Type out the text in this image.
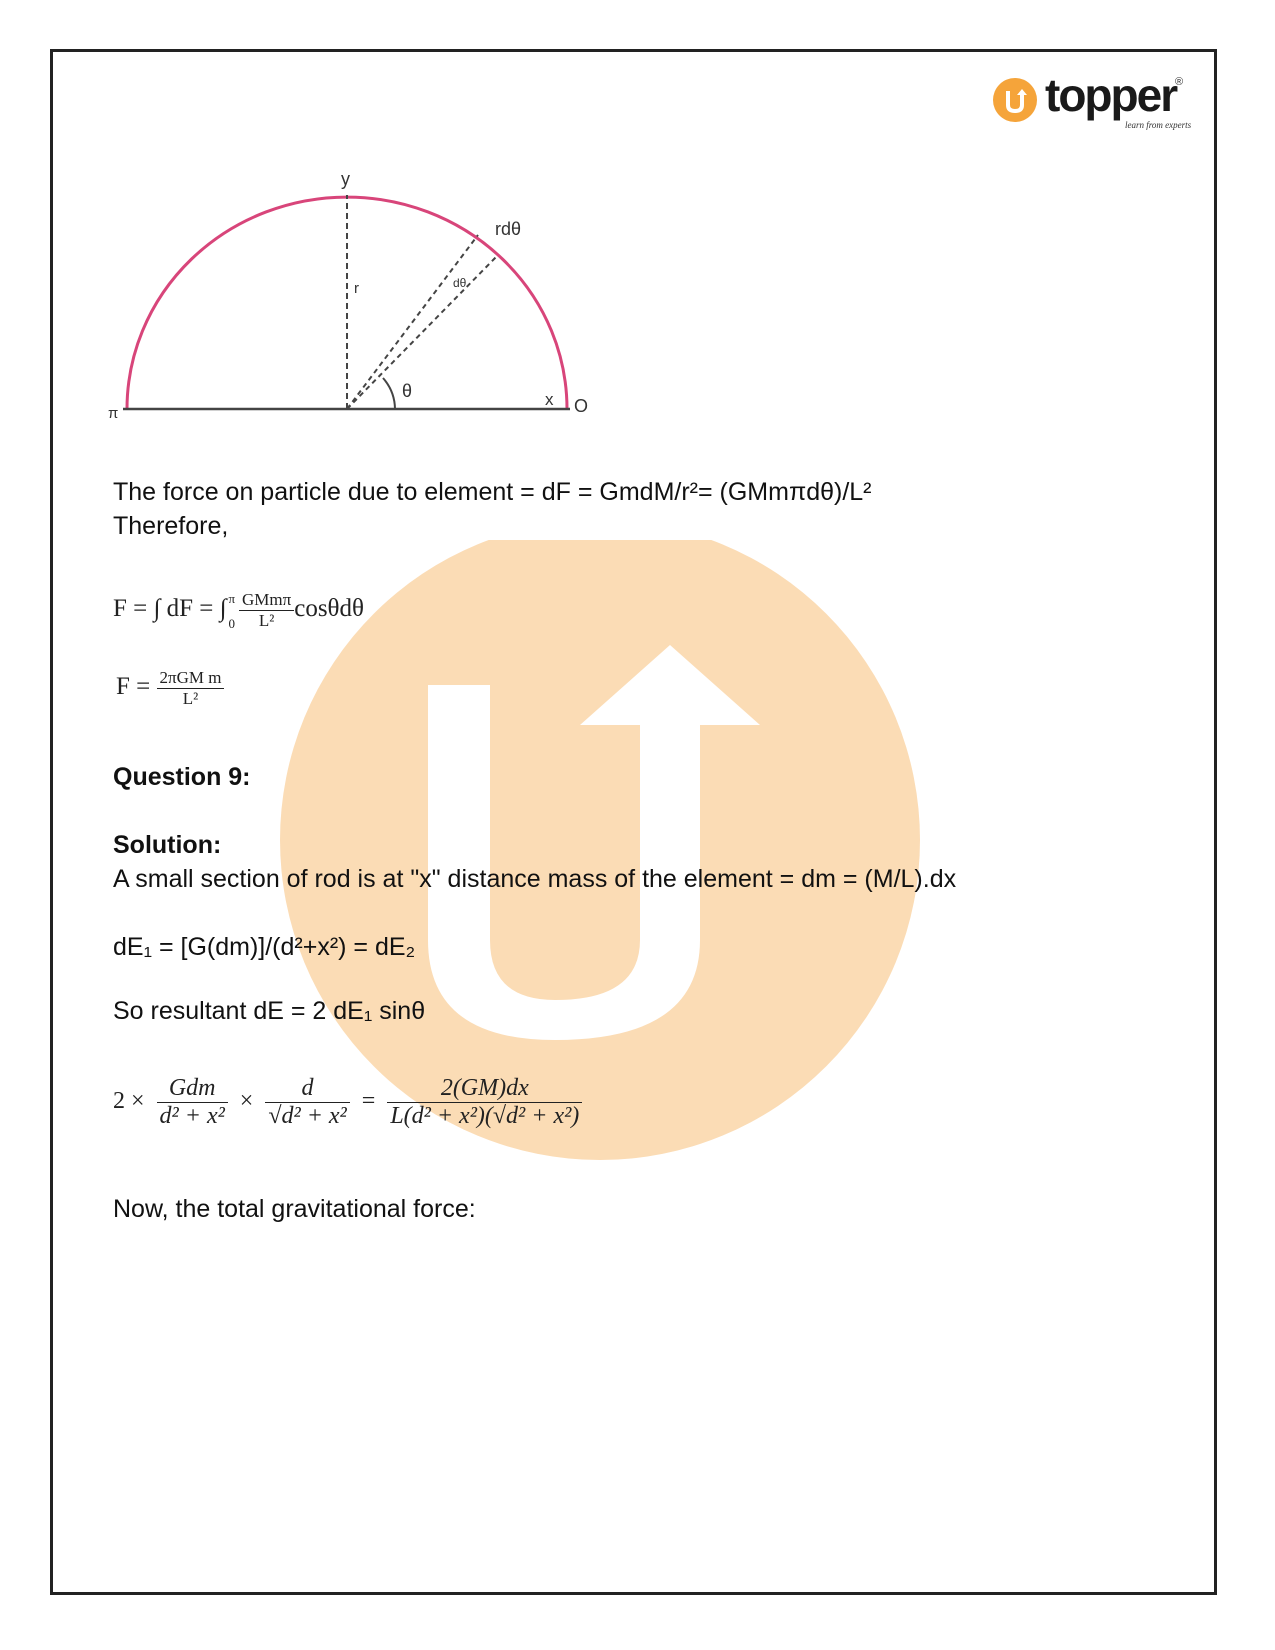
topper
®
learn from experts
y
r
rdθ
dθ
θ	x
π	O
The force on particle due to element = dF = GmdM/r²= (GMmπdθ)/L²
Therefore,
F = ∫ dF = ∫ π
$0 \frac{\text{GMmπ}}{\text{L²}}$ cosθdθ
$F = \frac{\text{2πGM m}}{\text{L²}}$
Question 9:
Solution:
A small section of rod is at "x" distance mass of the element = dm = (M/L).dx
dE₁ = [G(dm)]/(d²+x²) = dE₂
So resultant dE = 2 dE₁ sinθ
$2 \times \frac{\text{Gdm}}{\text{d² + x²}} \times \frac{d}{\text{√d² + x²}} = \frac{2(GM)dx}{\text{L(d² + x²)(√d² + x²)}}$
Now, the total gravitational force:
